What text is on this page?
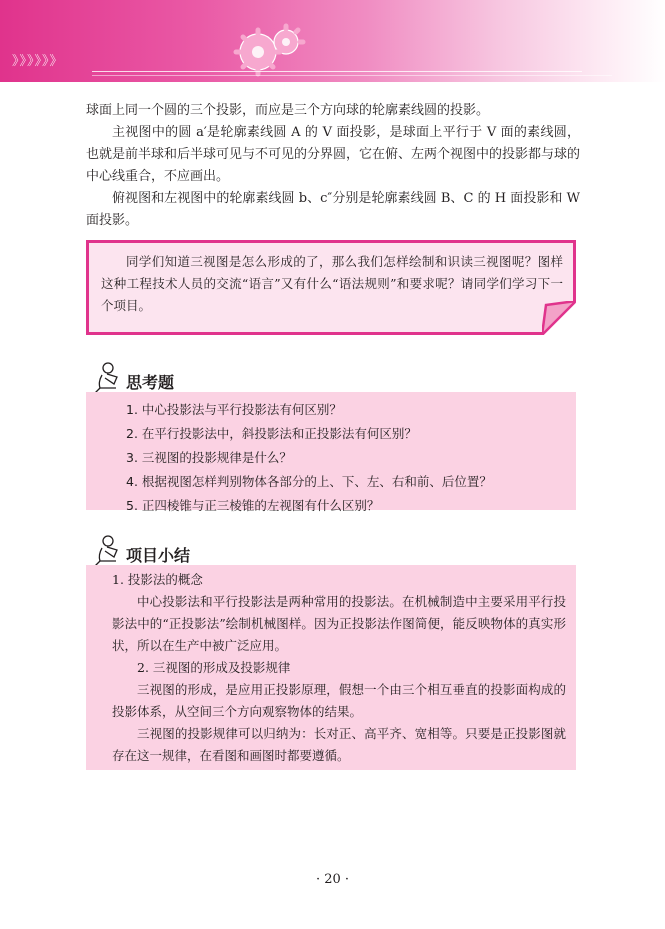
》》》》》》

球面上同一个圆的三个投影，而应是三个方向球的轮廓素线圆的投影。

主视图中的圆 a′是轮廓素线圆 A 的 V 面投影，是球面上平行于 V 面的素线圆，也就是前半球和后半球可见与不可见的分界圆，它在俯、左两个视图中的投影都与球的中心线重合，不应画出。

俯视图和左视图中的轮廓素线圆 b、c″分别是轮廓素线圆 B、C 的 H 面投影和 W 面投影。

同学们知道三视图是怎么形成的了，那么我们怎样绘制和识读三视图呢？图样这种工程技术人员的交流“语言”又有什么“语法规则”和要求呢？请同学们学习下一个项目。
思考题
1. 中心投影法与平行投影法有何区别？
2. 在平行投影法中，斜投影法和正投影法有何区别？
3. 三视图的投影规律是什么？
4. 根据视图怎样判别物体各部分的上、下、左、右和前、后位置？
5. 正四棱锥与正三棱锥的左视图有什么区别？
项目小结

1. 投影法的概念

中心投影法和平行投影法是两种常用的投影法。在机械制造中主要采用平行投影法中的“正投影法”绘制机械图样。因为正投影法作图简便，能反映物体的真实形状，所以在生产中被广泛应用。

2. 三视图的形成及投影规律

三视图的形成，是应用正投影原理，假想一个由三个相互垂直的投影面构成的投影体系，从空间三个方向观察物体的结果。

三视图的投影规律可以归纳为：长对正、高平齐、宽相等。只要是正投影图就存在这一规律，在看图和画图时都要遵循。

· 20 ·
